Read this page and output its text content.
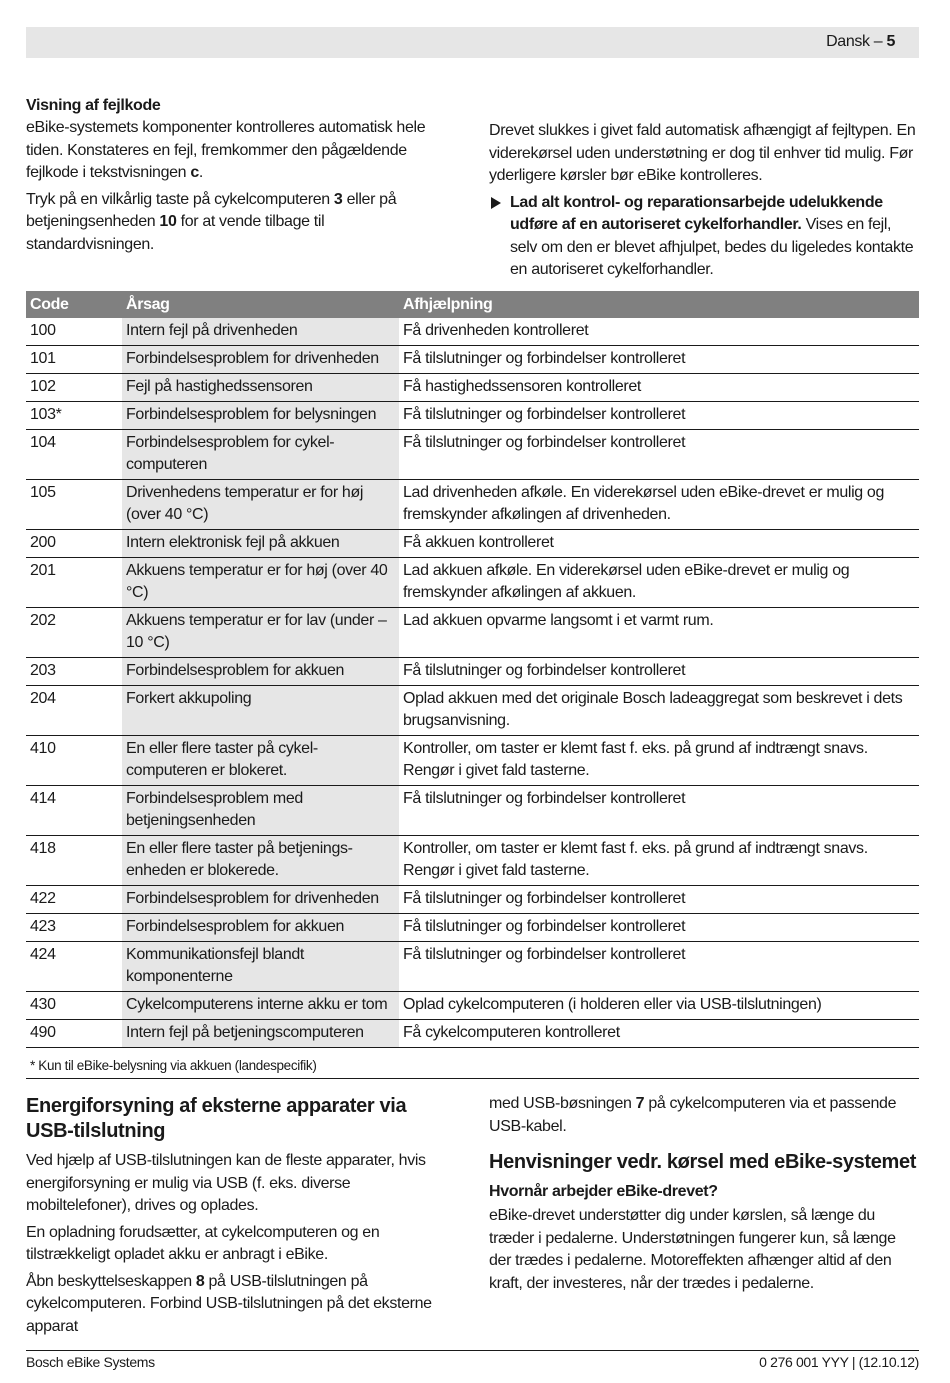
Dansk – 5
Visning af fejlkode

eBike-systemets komponenter kontrolleres automatisk hele tiden. Konstateres en fejl, fremkommer den pågældende fejlkode i tekstvisningen c.

Tryk på en vilkårlig taste på cykelcomputeren 3 eller på betjeningsenheden 10 for at vende tilbage til standardvisningen.

Drevet slukkes i givet fald automatisk afhængigt af fejltypen. En viderekørsel uden understøtning er dog til enhver tid mulig. Før yderligere kørsler bør eBike kontrolleres.

Lad alt kontrol- og reparationsarbejde udelukkende udføre af en autoriseret cykelforhandler. Vises en fejl, selv om den er blevet afhjulpet, bedes du ligeledes kontakte en autoriseret cykelforhandler.

Code	Årsag	Afhjælpning
100	Intern fejl på drivenheden	Få drivenheden kontrolleret
101	Forbindelsesproblem for drivenheden	Få tilslutninger og forbindelser kontrolleret
102	Fejl på hastighedssensoren	Få hastighedssensoren kontrolleret
103*	Forbindelsesproblem for belysningen	Få tilslutninger og forbindelser kontrolleret
104	Forbindelsesproblem for cykel-computeren	Få tilslutninger og forbindelser kontrolleret
105	Drivenhedens temperatur er for høj (over 40 °C)	Lad drivenheden afkøle. En viderekørsel uden eBike-drevet er mulig og fremskynder afkølingen af drivenheden.
200	Intern elektronisk fejl på akkuen	Få akkuen kontrolleret
201	Akkuens temperatur er for høj (over 40 °C)	Lad akkuen afkøle. En viderekørsel uden eBike-drevet er mulig og fremskynder afkølingen af akkuen.
202	Akkuens temperatur er for lav (under – 10 °C)	Lad akkuen opvarme langsomt i et varmt rum.
203	Forbindelsesproblem for akkuen	Få tilslutninger og forbindelser kontrolleret
204	Forkert akkupoling	Oplad akkuen med det originale Bosch ladeaggregat som beskrevet i dets brugsanvisning.
410	En eller flere taster på cykel-computeren er blokeret.	Kontroller, om taster er klemt fast f. eks. på grund af indtrængt snavs. Rengør i givet fald tasterne.
414	Forbindelsesproblem med betjeningsenheden	Få tilslutninger og forbindelser kontrolleret
418	En eller flere taster på betjenings-enheden er blokerede.	Kontroller, om taster er klemt fast f. eks. på grund af indtrængt snavs. Rengør i givet fald tasterne.
422	Forbindelsesproblem for drivenheden	Få tilslutninger og forbindelser kontrolleret
423	Forbindelsesproblem for akkuen	Få tilslutninger og forbindelser kontrolleret
424	Kommunikationsfejl blandt komponenterne	Få tilslutninger og forbindelser kontrolleret
430	Cykelcomputerens interne akku er tom	Oplad cykelcomputeren (i holderen eller via USB-tilslutningen)
490	Intern fejl på betjeningscomputeren	Få cykelcomputeren kontrolleret
* Kun til eBike-belysning via akkuen (landespecifik)
Energiforsyning af eksterne apparater via USB-tilslutning

Ved hjælp af USB-tilslutningen kan de fleste apparater, hvis energiforsyning er mulig via USB (f. eks. diverse mobiltelefoner), drives og oplades.

En opladning forudsætter, at cykelcomputeren og en tilstrækkeligt opladet akku er anbragt i eBike.

Åbn beskyttelseskappen 8 på USB-tilslutningen på cykelcomputeren. Forbind USB-tilslutningen på det eksterne apparat

med USB-bøsningen 7 på cykelcomputeren via et passende USB-kabel.

Henvisninger vedr. kørsel med eBike-systemet
Hvornår arbejder eBike-drevet?

eBike-drevet understøtter dig under kørslen, så længe du træder i pedalerne. Understøtningen fungerer kun, så længe der trædes i pedalerne. Motoreffekten afhænger altid af den kraft, der investeres, når der trædes i pedalerne.

Bosch eBike Systems	0 276 001 YYY | (12.10.12)
